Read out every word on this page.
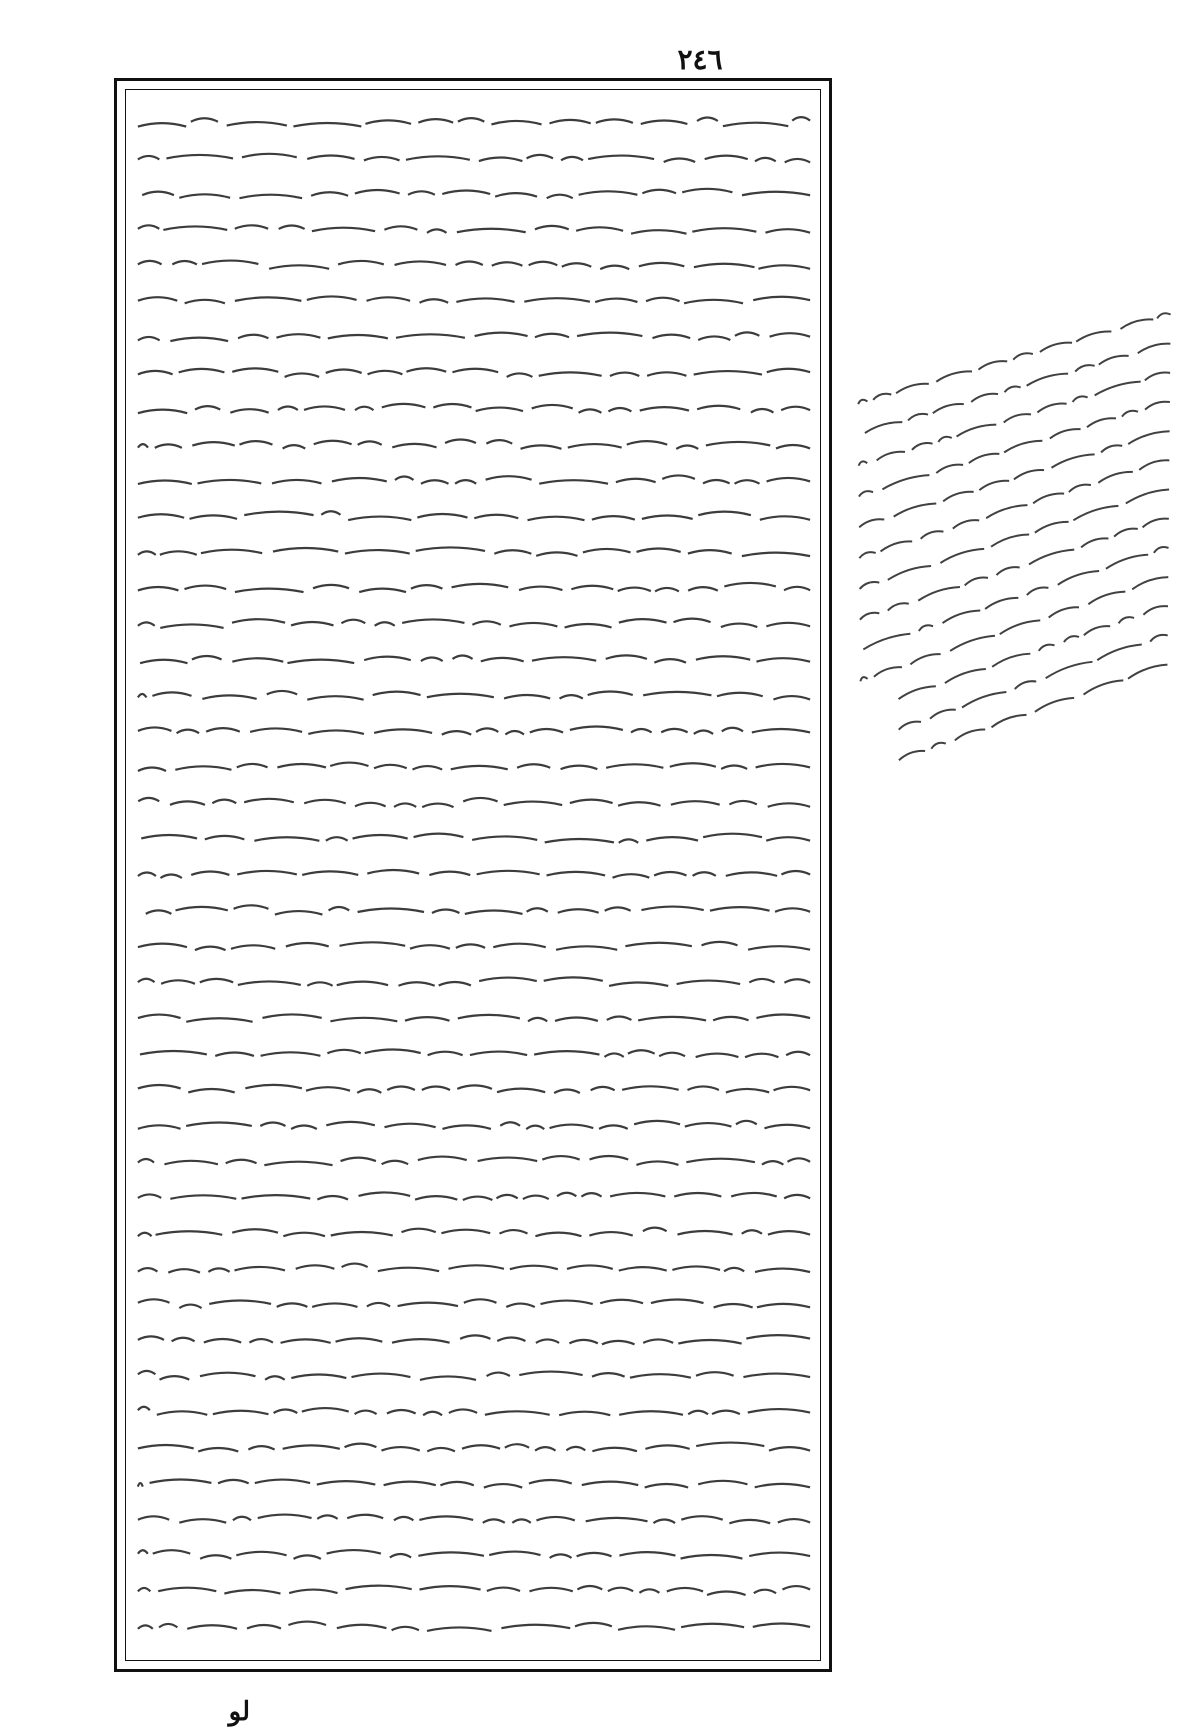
٢٤٦
لو
